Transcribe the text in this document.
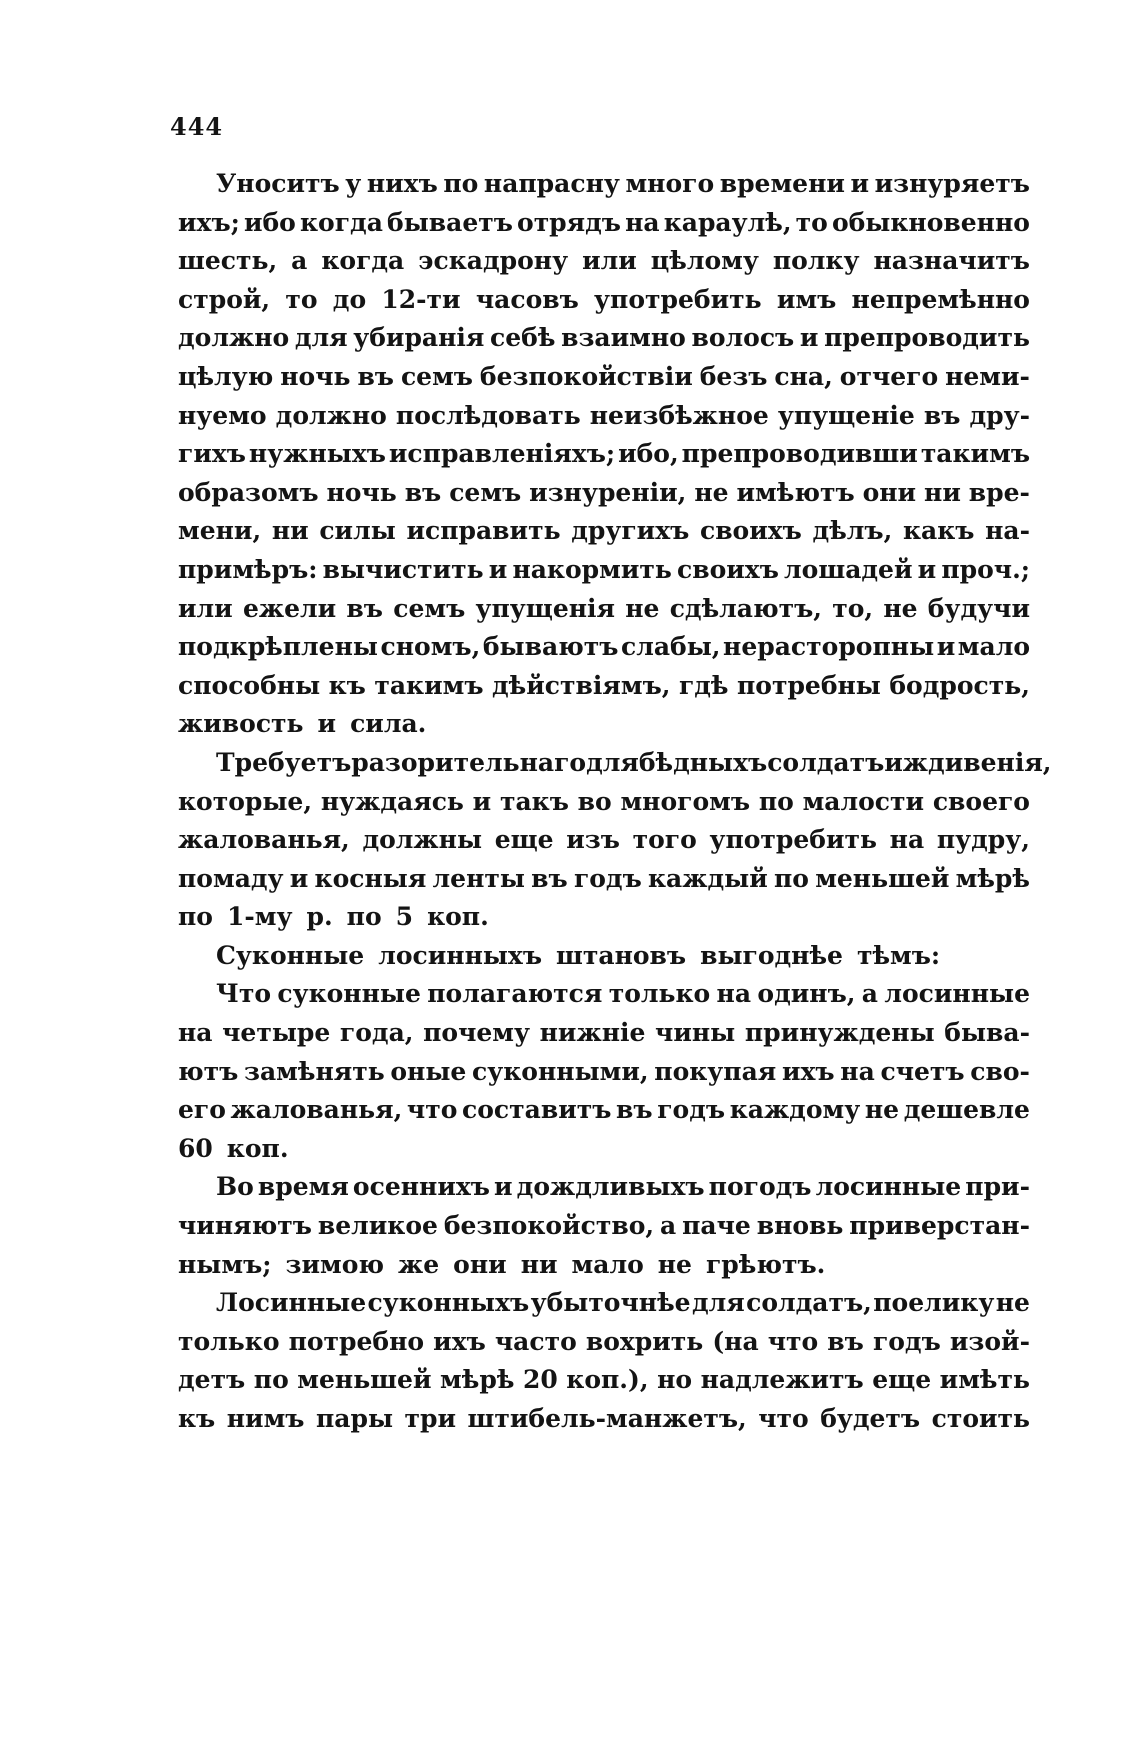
444
Уноситъ у нихъ по напрасну много времени и изнуряетъ
ихъ; ибо когда бываетъ отрядъ на караулѣ, то обыкновенно
шесть, а когда эскадрону или цѣлому полку назначитъ
строй, то до 12-ти часовъ употребить имъ непремѣнно
должно для убиранія себѣ взаимно волосъ и препроводить
цѣлую ночь въ семъ безпокойствіи безъ сна, отчего неми-
нуемо должно послѣдовать неизбѣжное упущеніе въ дру-
гихъ нужныхъ исправленіяхъ; ибо, препроводивши такимъ
образомъ ночь въ семъ изнуреніи, не имѣютъ они ни вре-
мени, ни силы исправить другихъ своихъ дѣлъ, какъ на-
примѣръ: вычистить и накормить своихъ лошадей и проч.;
или ежели въ семъ упущенія не сдѣлаютъ, то, не будучи
подкрѣплены сномъ, бываютъ слабы, нерасторопны и мало
способны къ такимъ дѣйствіямъ, гдѣ потребны бодрость,
живость и сила.
Требуетъ разорительнаго для бѣдныхъ солдатъ иждивенія,
которые, нуждаясь и такъ во многомъ по малости своего
жалованья, должны еще изъ того употребить на пудру,
помаду и косныя ленты въ годъ каждый по меньшей мѣрѣ
по 1-му р. по 5 коп.
Суконные лосинныхъ штановъ выгоднѣе тѣмъ:
Что суконные полагаются только на одинъ, а лосинные
на четыре года, почему нижніе чины принуждены быва-
ютъ замѣнять оные суконными, покупая ихъ на счетъ сво-
его жалованья, что составитъ въ годъ каждому не дешевле
60 коп.
Во время осеннихъ и дождливыхъ погодъ лосинные при-
чиняютъ великое безпокойство, а паче вновь приверстан-
нымъ; зимою же они ни мало не грѣютъ.
Лосинные суконныхъ убыточнѣе для солдатъ, поелику не
только потребно ихъ часто вохрить (на что въ годъ изой-
детъ по меньшей мѣрѣ 20 коп.), но надлежитъ еще имѣть
къ нимъ пары три штибель-манжетъ, что будетъ стоить
